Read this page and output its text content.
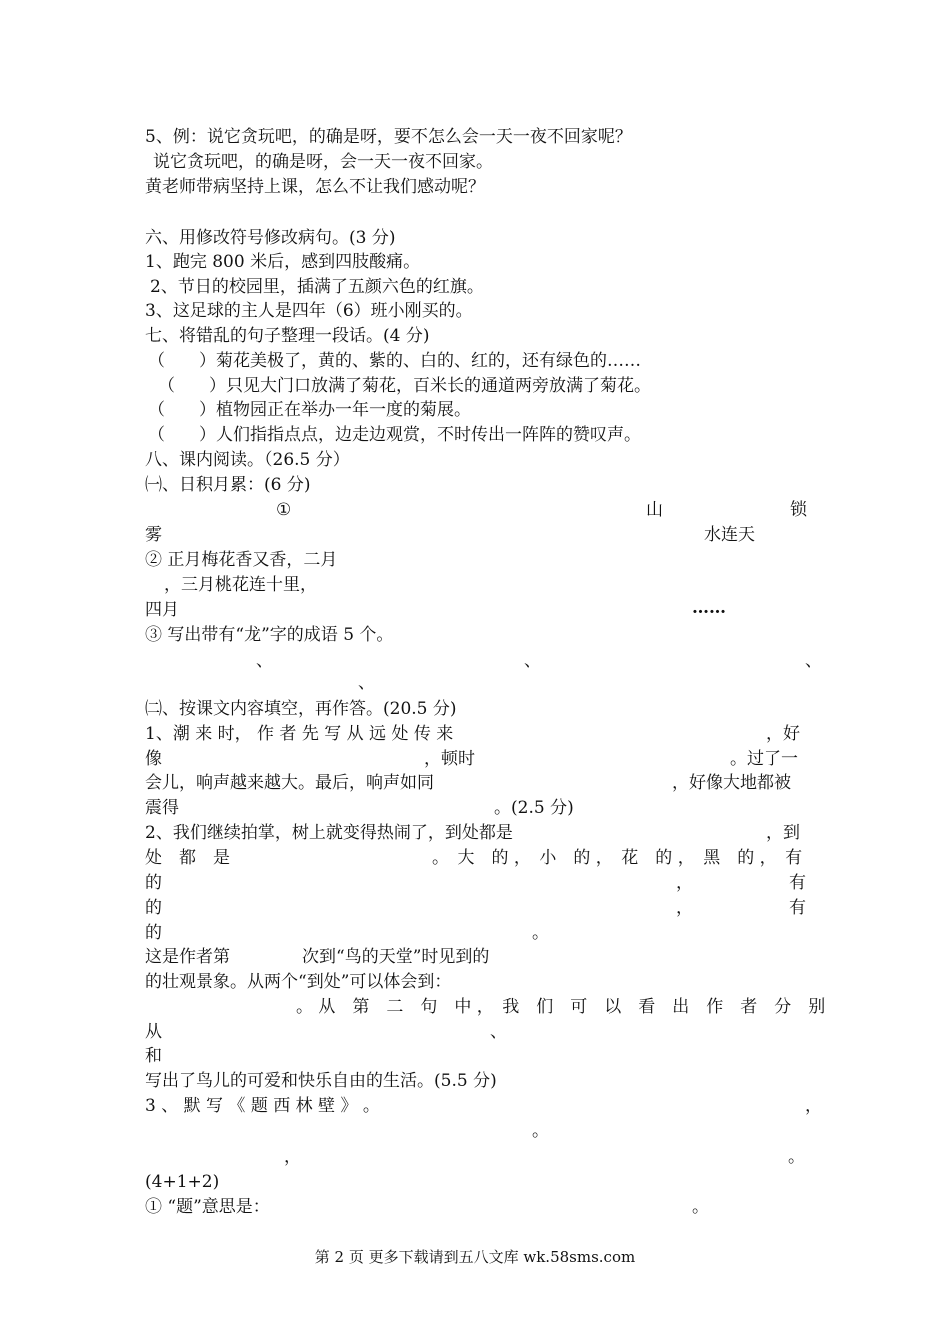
5、例：说它贪玩吧，的确是呀，要不怎么会一天一夜不回家呢？
说它贪玩吧，的确是呀，会一天一夜不回家。
黄老师带病坚持上课，怎么不让我们感动呢？
六、用修改符号修改病句。(3 分)
1、跑完 800 米后，感到四肢酸痛。
2、节日的校园里，插满了五颜六色的红旗。
3、这足球的主人是四年（6）班小刚买的。
七、将错乱的句子整理一段话。(4 分)
（　　）菊花美极了，黄的、紫的、白的、红的，还有绿色的……
（　　）只见大门口放满了菊花，百米长的通道两旁放满了菊花。
（　　）植物园正在举办一年一度的菊展。
（　　）人们指指点点，边走边观赏，不时传出一阵阵的赞叹声。
八、课内阅读。（26.5 分）
㈠、日积月累：(6 分)
①	山	锁
雾	水连天
② 正月梅花香又香，二月
，三月桃花连十里，
四月	……
③ 写出带有“龙”字的成语 5 个。
、	、	、
、
㈡、按课文内容填空，再作答。(20.5 分)
1、潮 来 时， 作 者 先 写 从 远 处 传 来	，好
像	，顿时	。过了一
会儿，响声越来越大。最后，响声如同	，好像大地都被
震得	。(2.5 分)
2、我们继续拍掌，树上就变得热闹了，到处都是	，到
处　都　是	。　大　的 ，　小　的 ，　花　的 ，　黑　的 ，　有
的	，	有
的	，	有
的	。
这是作者第	次到“鸟的天堂”时见到的
的壮观景象。从两个“到处”可以体会到：
。 从　第　二　句　中 ，　我　们　可　以　看　出　作　者　分　别
从	、
和
写出了鸟儿的可爱和快乐自由的生活。(5.5 分)
3 、 默 写 《 题 西 林 壁 》 。	，
。
，	。
(4+1+2)
① “题”意思是：	。
第 2 页 更多下载请到五八文库 wk.58sms.com
